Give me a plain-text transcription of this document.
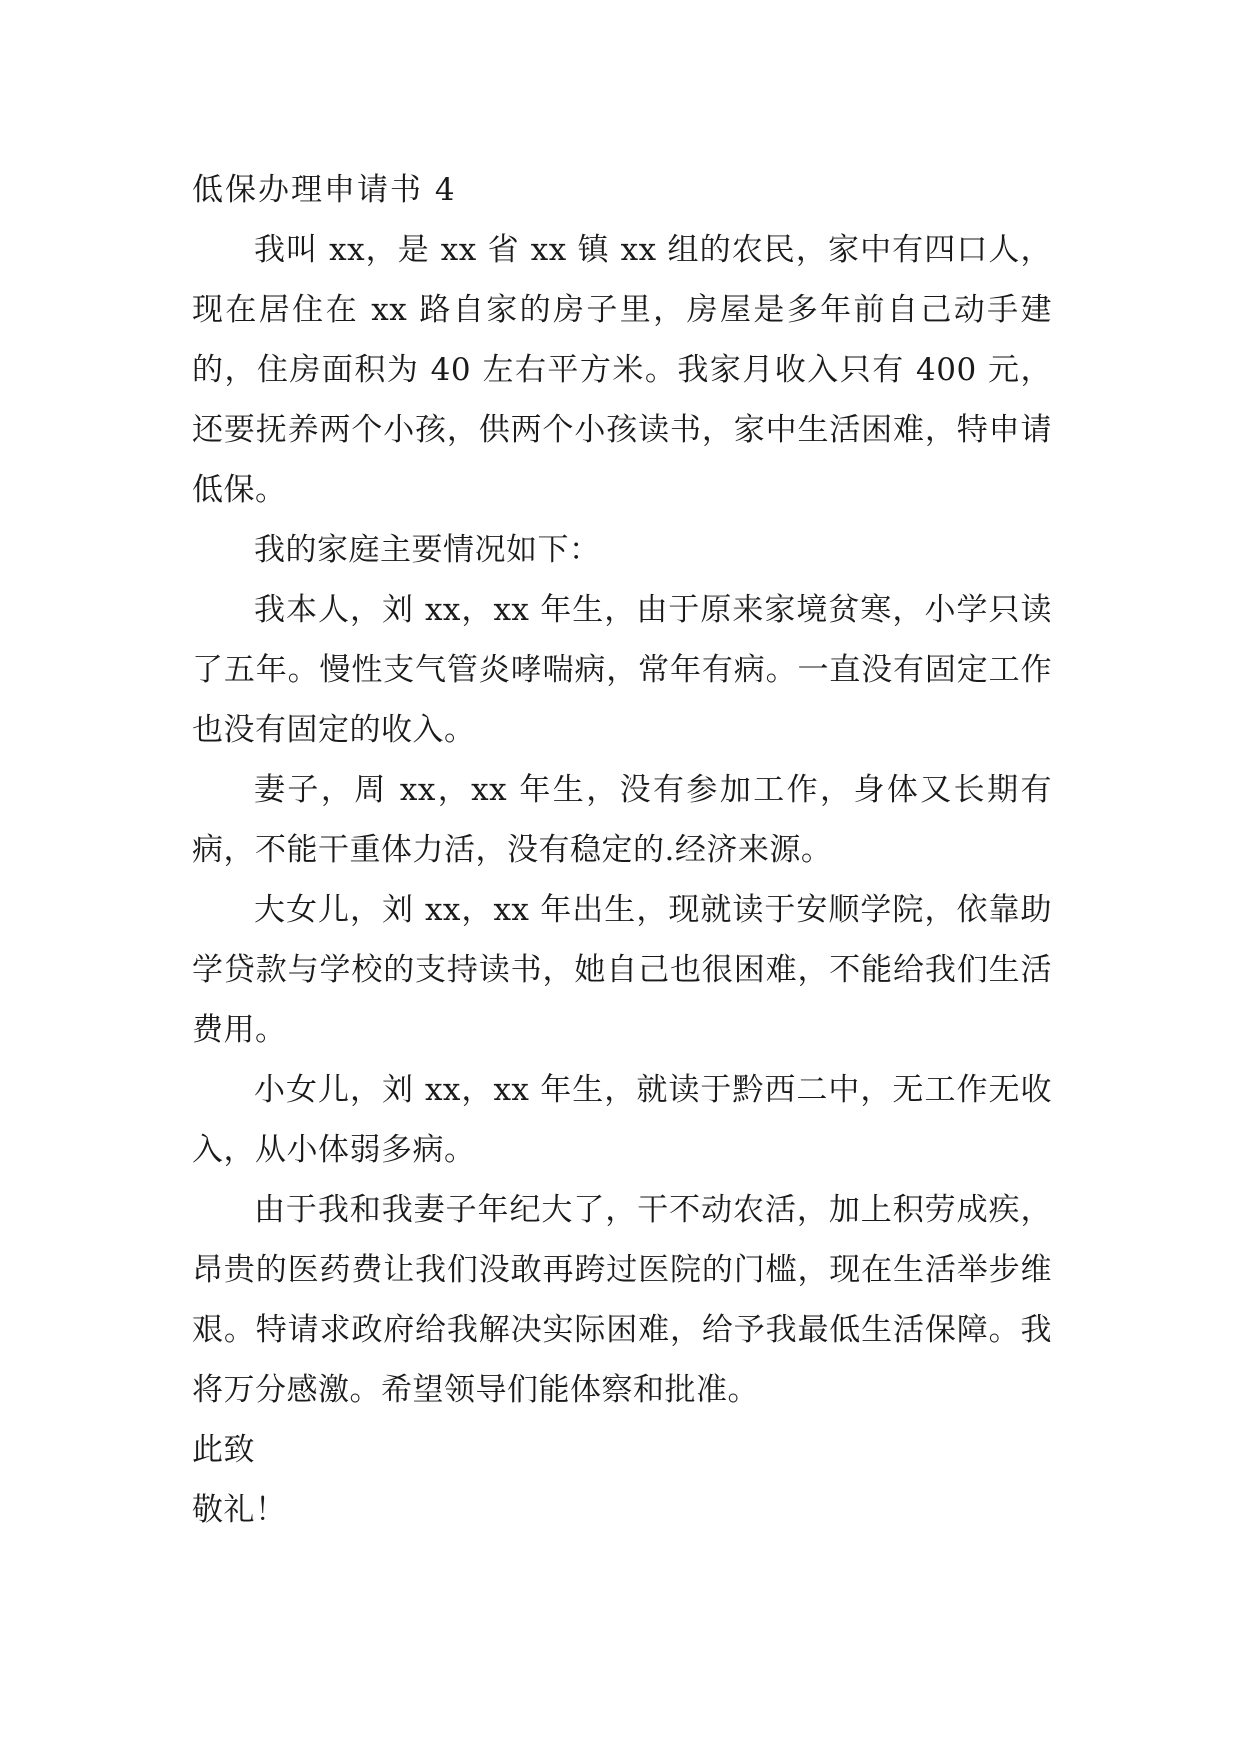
低保办理申请书 4

我叫 xx，是 xx 省 xx 镇 xx 组的农民，家中有四口人，现在居住在 xx 路自家的房子里，房屋是多年前自己动手建的，住房面积为 40 左右平方米。我家月收入只有 400 元，还要抚养两个小孩，供两个小孩读书，家中生活困难，特申请低保。

我的家庭主要情况如下：

我本人，刘 xx，xx 年生，由于原来家境贫寒，小学只读了五年。慢性支气管炎哮喘病，常年有病。一直没有固定工作也没有固定的收入。

妻子，周 xx，xx 年生，没有参加工作，身体又长期有病，不能干重体力活，没有稳定的.经济来源。

大女儿，刘 xx，xx 年出生，现就读于安顺学院，依靠助学贷款与学校的支持读书，她自己也很困难，不能给我们生活费用。

小女儿，刘 xx，xx 年生，就读于黔西二中，无工作无收入，从小体弱多病。

由于我和我妻子年纪大了，干不动农活，加上积劳成疾，昂贵的医药费让我们没敢再跨过医院的门槛，现在生活举步维艰。特请求政府给我解决实际困难，给予我最低生活保障。我将万分感激。希望领导们能体察和批准。

此致

敬礼！
